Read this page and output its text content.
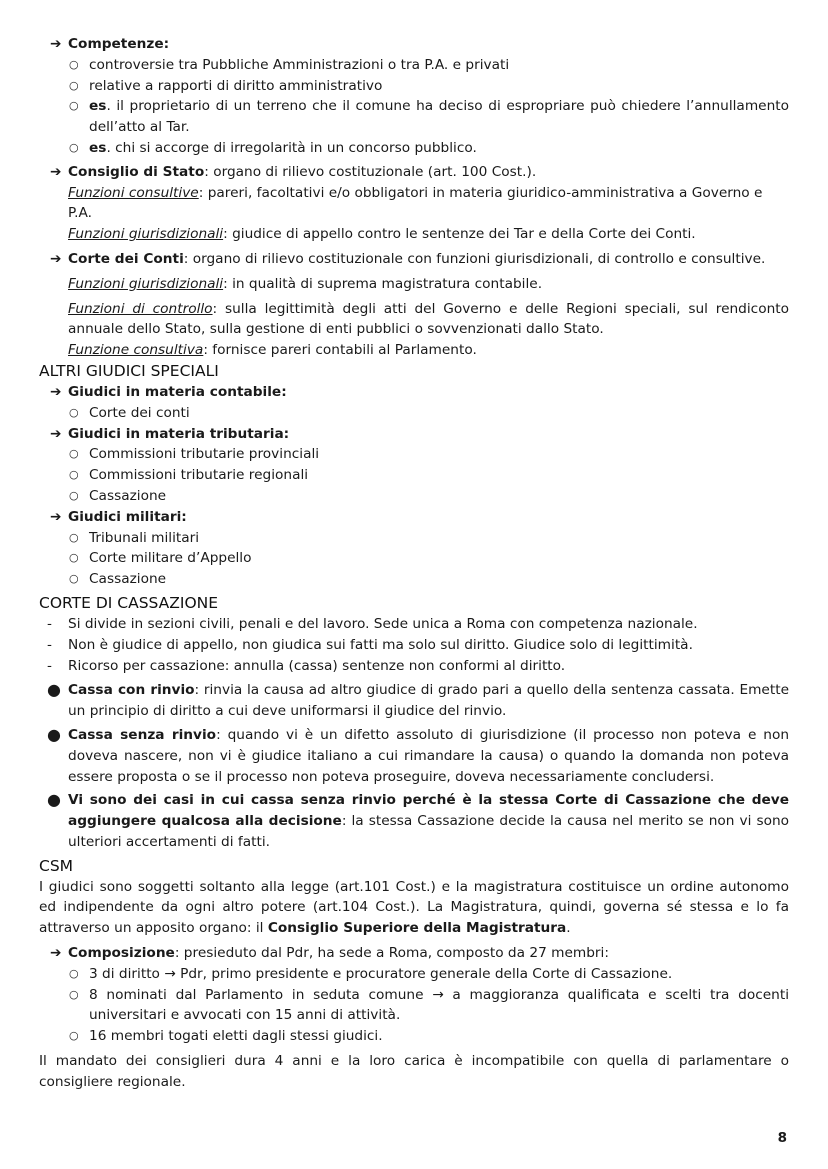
➔ Competenze:
○ controversie tra Pubbliche Amministrazioni o tra P.A. e privati
○ relative a rapporti di diritto amministrativo
○ es. il proprietario di un terreno che il comune ha deciso di espropriare può chiedere l’annullamento dell’atto al Tar.
○ es. chi si accorge di irregolarità in un concorso pubblico.
➔ Consiglio di Stato: organo di rilievo costituzionale (art. 100 Cost.).

Funzioni consultive: pareri, facoltativi e/o obbligatori in materia giuridico-amministrativa a Governo e P.A.

Funzioni giurisdizionali: giudice di appello contro le sentenze dei Tar e della Corte dei Conti.

➔ Corte dei Conti: organo di rilievo costituzionale con funzioni giurisdizionali, di controllo e consultive.

Funzioni giurisdizionali: in qualità di suprema magistratura contabile.

Funzioni di controllo: sulla legittimità degli atti del Governo e delle Regioni speciali, sul rendiconto annuale dello Stato, sulla gestione di enti pubblici o sovvenzionati dallo Stato.

Funzione consultiva: fornisce pareri contabili al Parlamento.

ALTRI GIUDICI SPECIALI
➔ Giudici in materia contabile:
○ Corte dei conti
➔ Giudici in materia tributaria:
○ Commissioni tributarie provinciali
○ Commissioni tributarie regionali
○ Cassazione
➔ Giudici militari:
○ Tribunali militari
○ Corte militare d’Appello
○ Cassazione
CORTE DI CASSAZIONE
-	Si divide in sezioni civili, penali e del lavoro. Sede unica a Roma con competenza nazionale.
-	Non è giudice di appello, non giudica sui fatti ma solo sul diritto. Giudice solo di legittimità.
-	Ricorso per cassazione: annulla (cassa) sentenze non conformi al diritto.
● Cassa con rinvio: rinvia la causa ad altro giudice di grado pari a quello della sentenza cassata. Emette un principio di diritto a cui deve uniformarsi il giudice del rinvio.
● Cassa senza rinvio: quando vi è un difetto assoluto di giurisdizione (il processo non poteva e non doveva nascere, non vi è giudice italiano a cui rimandare la causa) o quando la domanda non poteva essere proposta o se il processo non poteva proseguire, doveva necessariamente concludersi.
● Vi sono dei casi in cui cassa senza rinvio perché è la stessa Corte di Cassazione che deve aggiungere qualcosa alla decisione: la stessa Cassazione decide la causa nel merito se non vi sono ulteriori accertamenti di fatti.
CSM

I giudici sono soggetti soltanto alla legge (art.101 Cost.) e la magistratura costituisce un ordine autonomo ed indipendente da ogni altro potere (art.104 Cost.). La Magistratura, quindi, governa sé stessa e lo fa attraverso un apposito organo: il Consiglio Superiore della Magistratura.

➔ Composizione: presieduto dal Pdr, ha sede a Roma, composto da 27 membri:
○ 3 di diritto → Pdr, primo presidente e procuratore generale della Corte di Cassazione.
○ 8 nominati dal Parlamento in seduta comune → a maggioranza qualificata e scelti tra docenti universitari e avvocati con 15 anni di attività.
○ 16 membri togati eletti dagli stessi giudici.

Il mandato dei consiglieri dura 4 anni e la loro carica è incompatibile con quella di parlamentare o consigliere regionale.

8
